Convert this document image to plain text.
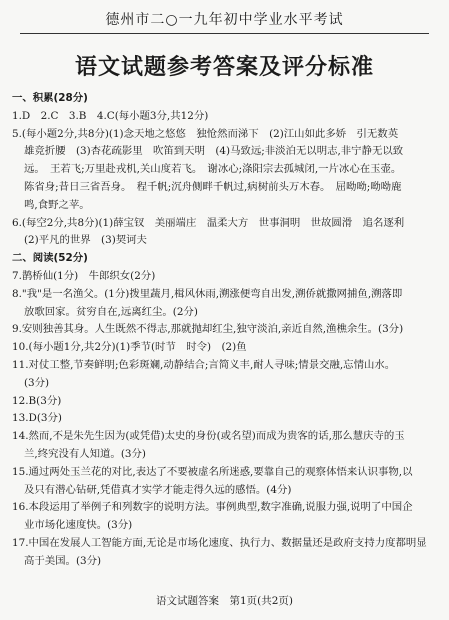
德州市二○一九年初中学业水平考试
语文试题参考答案及评分标准
一、积累(28分)
1.D　2.C　3.B　4.C(每小题3分,共12分)
5.(每小题2分,共8分)(1)念天地之悠悠　独怆然而涕下　(2)江山如此多娇　引无数英
雄竞折腰　(3)杏花疏影里　吹笛到天明　(4)马致远;非淡泊无以明志,非宁静无以致
远。　王若飞;万里赴戎机,关山度若飞。　谢冰心;涤阳宗去孤城闭,一片冰心在玉壶。
陈省身;昔日三省吾身。　程千帆;沉舟侧畔千帆过,病树前头万木春。　屈呦呦;呦呦鹿
鸣,食野之苹。
6.(每空2分,共8分)(1)薛宝钗　美丽端庄　温柔大方　世事洞明　世故圆滑　追名逐利
(2)平凡的世界　(3)契诃夫
二、阅读(52分)
7.鹊桥仙(1分)　牛郎织女(2分)
8."我"是一名渔父。(1分)拨里蔬月,楫风休雨,溯涨便弯自出发,溯侨就撒网捕鱼,溯落即
放歌回家。贫穷自在,远离红尘。(2分)
9.安则独善其身。人生既然不得志,那就抛却红尘,独守淡泊,亲近自然,渔樵余生。(3分)
10.(每小题1分,共2分)(1)季节(时节　时令)　(2)鱼
11.对仗工整,节奏鲜明;色彩斑斓,动静结合;言简义丰,耐人寻味;情景交融,忘情山水。
(3分)
12.B(3分)
13.D(3分)
14.然而,不是朱先生因为(或凭借)太史的身份(或名望)而成为贵客的话,那么慧庆寺的玉
兰,终究没有人知道。(3分)
15.通过两处玉兰花的对比,表达了不要被虚名所迷惑,要靠自己的观察体悟来认识事物,以
及只有潜心钻研,凭借真才实学才能走得久远的感悟。(4分)
16.本段运用了举例子和列数字的说明方法。事例典型,数字准确,说服力强,说明了中国企
业市场化速度快。(3分)
17.中国在发展人工智能方面,无论是市场化速度、执行力、数据量还是政府支持力度都明显
高于美国。(3分)
语文试题答案　第1页(共2页)
